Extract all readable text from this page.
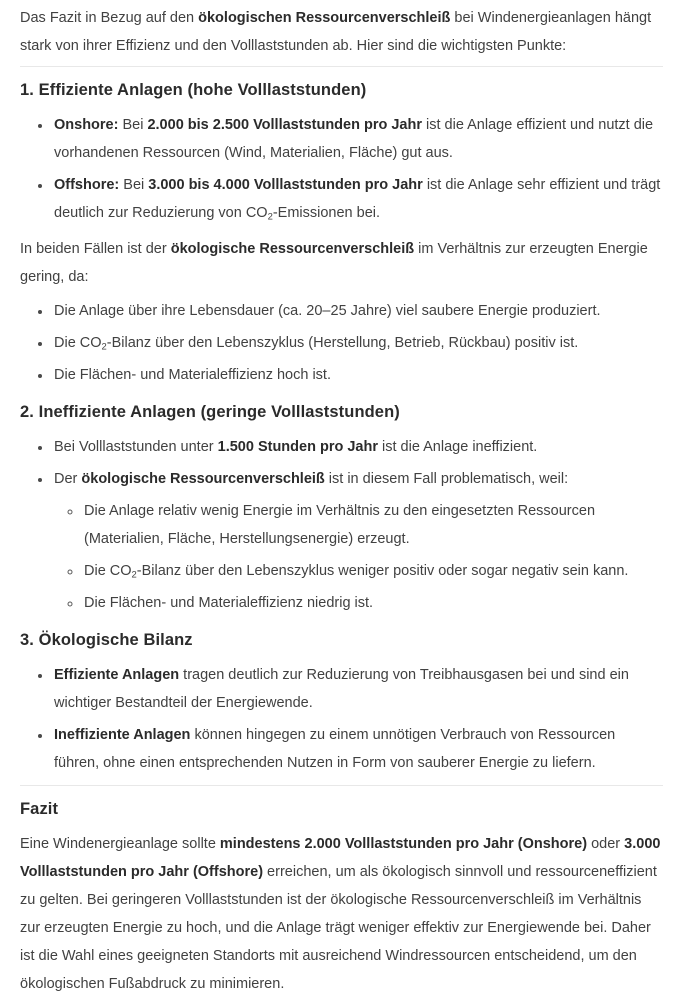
Das Fazit in Bezug auf den ökologischen Ressourcenverschleiß bei Windenergieanlagen hängt stark von ihrer Effizienz und den Volllaststunden ab. Hier sind die wichtigsten Punkte:

1. Effiziente Anlagen (hohe Volllaststunden)
• Onshore: Bei 2.000 bis 2.500 Volllaststunden pro Jahr ist die Anlage effizient und nutzt die vorhandenen Ressourcen (Wind, Materialien, Fläche) gut aus.
• Offshore: Bei 3.000 bis 4.000 Volllaststunden pro Jahr ist die Anlage sehr effizient und trägt deutlich zur Reduzierung von $CO_2$-Emissionen bei.

In beiden Fällen ist der ökologische Ressourcenverschleiß im Verhältnis zur erzeugten Energie gering, da:

• Die Anlage über ihre Lebensdauer (ca. 20–25 Jahre) viel saubere Energie produziert.
• Die $CO_2$-Bilanz über den Lebenszyklus (Herstellung, Betrieb, Rückbau) positiv ist.
• Die Flächen- und Materialeffizienz hoch ist.
2. Ineffiziente Anlagen (geringe Volllaststunden)
• Bei Volllaststunden unter 1.500 Stunden pro Jahr ist die Anlage ineffizient.
• Der ökologische Ressourcenverschleiß ist in diesem Fall problematisch, weil:
◦ Die Anlage relativ wenig Energie im Verhältnis zu den eingesetzten Ressourcen (Materialien, Fläche, Herstellungsenergie) erzeugt.
◦ Die $CO_2$-Bilanz über den Lebenszyklus weniger positiv oder sogar negativ sein kann.
◦ Die Flächen- und Materialeffizienz niedrig ist.
3. Ökologische Bilanz
• Effiziente Anlagen tragen deutlich zur Reduzierung von Treibhausgasen bei und sind ein wichtiger Bestandteil der Energiewende.
• Ineffiziente Anlagen können hingegen zu einem unnötigen Verbrauch von Ressourcen führen, ohne einen entsprechenden Nutzen in Form von sauberer Energie zu liefern.
Fazit

Eine Windenergieanlage sollte mindestens 2.000 Volllaststunden pro Jahr (Onshore) oder 3.000 Volllaststunden pro Jahr (Offshore) erreichen, um als ökologisch sinnvoll und ressourceneffizient zu gelten. Bei geringeren Volllaststunden ist der ökologische Ressourcenverschleiß im Verhältnis zur erzeugten Energie zu hoch, und die Anlage trägt weniger effektiv zur Energiewende bei. Daher ist die Wahl eines geeigneten Standorts mit ausreichend Windressourcen entscheidend, um den ökologischen Fußabdruck zu minimieren.
